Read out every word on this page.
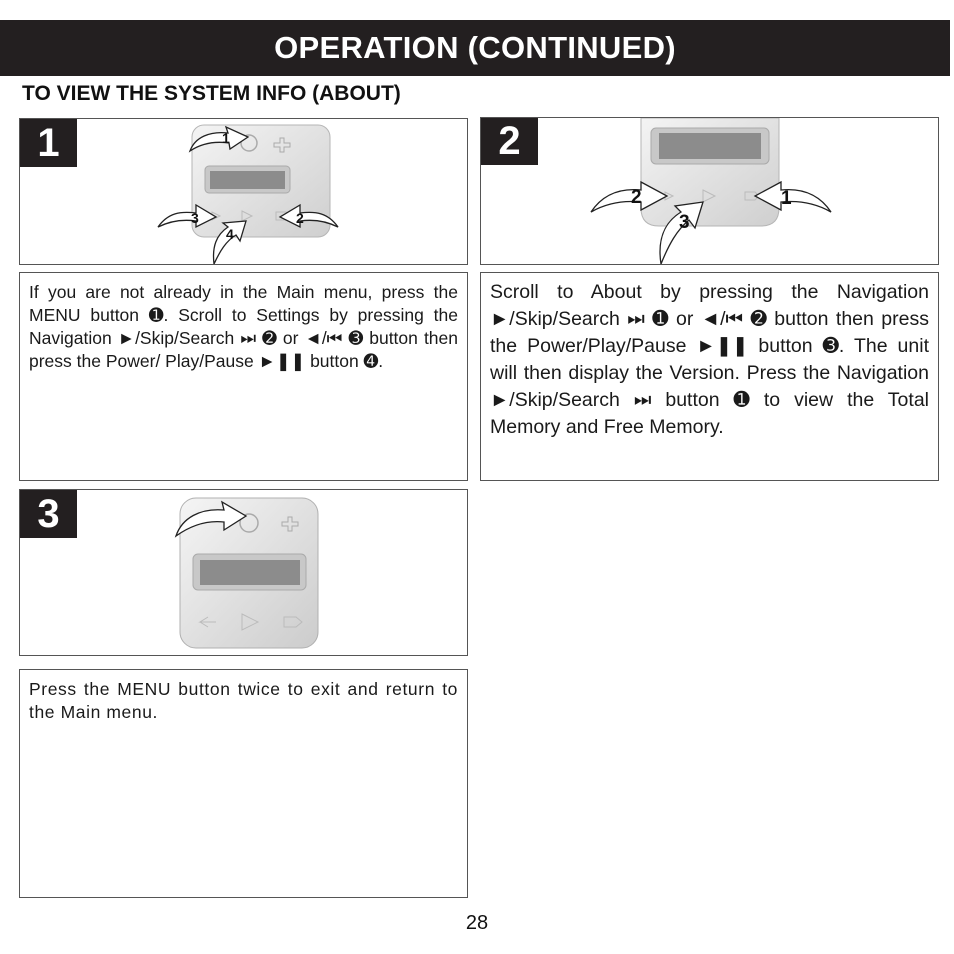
OPERATION (CONTINUED)
TO VIEW THE SYSTEM INFO (ABOUT)
1	1
2
3
4
1
2
3
2
If you are not already in the Main menu, press the MENU button ➊. Scroll to Settings by pressing the Navigation ►/Skip/Search ⏭ ➋ or ◄/⏮ ➌ button then press the Power/ Play/Pause ►❚❚ button ➍.
Scroll to About by pressing the Navigation ►/Skip/Search ⏭ ➊ or ◄/⏮ ➋ button then press the Power/Play/Pause ►❚❚ button ➌. The unit will then display the Version. Press the Navigation ►/Skip/Search ⏭ button ➊ to view the Total Memory and Free Memory.
3
Press the MENU button twice to exit and return to the Main menu.
28
